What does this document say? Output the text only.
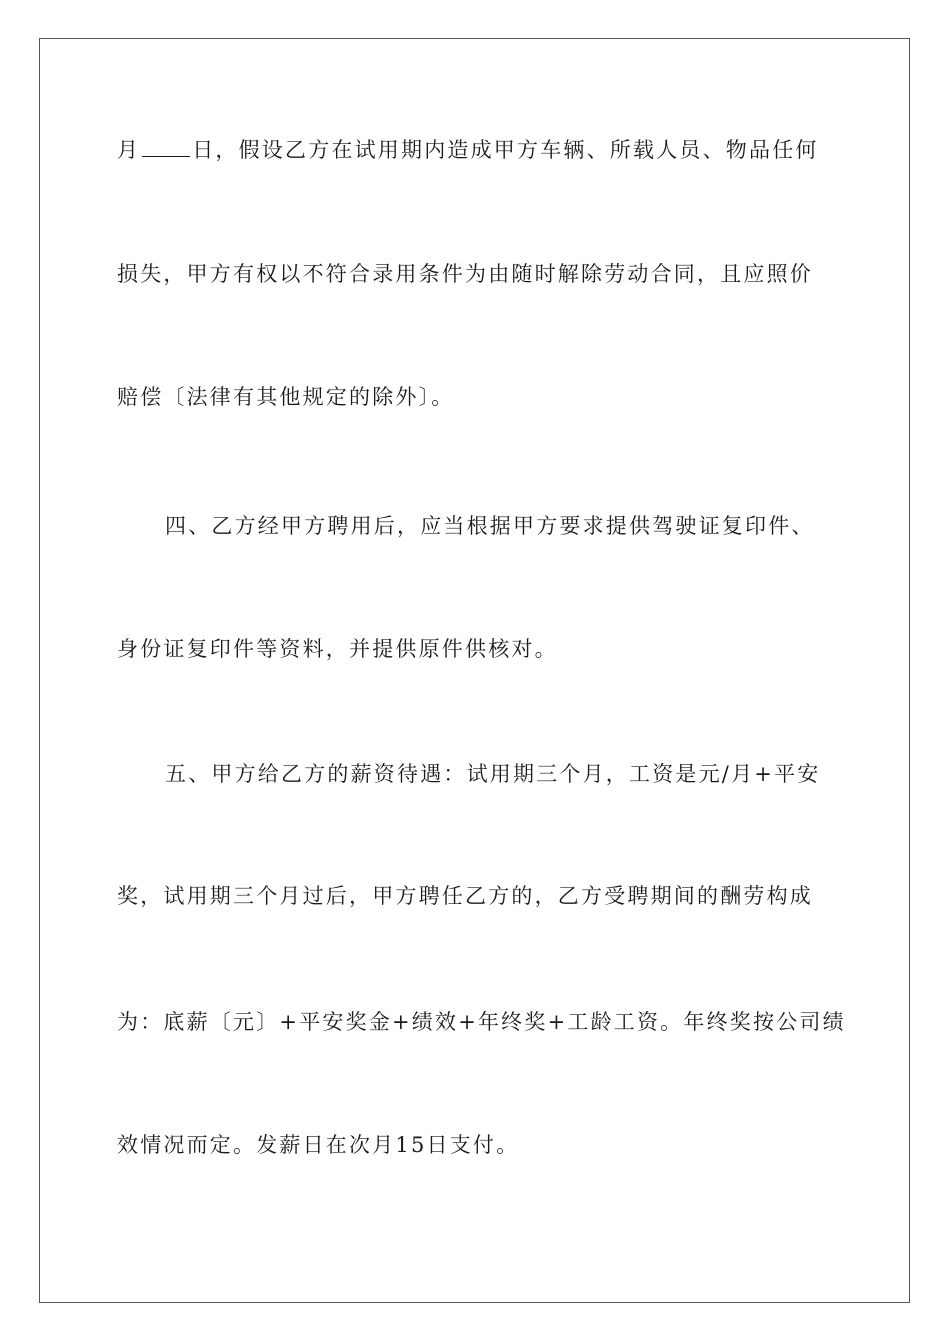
月 日，假设乙方在试用期内造成甲方车辆、所载人员、物品任何
损失，甲方有权以不符合录用条件为由随时解除劳动合同，且应照价
赔偿〔法律有其他规定的除外〕。
四、乙方经甲方聘用后，应当根据甲方要求提供驾驶证复印件、
身份证复印件等资料，并提供原件供核对。
五、甲方给乙方的薪资待遇：试用期三个月，工资是元/月+平安
奖，试用期三个月过后，甲方聘任乙方的，乙方受聘期间的酬劳构成
为：底薪〔元〕+平安奖金+绩效+年终奖+工龄工资。年终奖按公司绩
效情况而定。发薪日在次月15日支付。
